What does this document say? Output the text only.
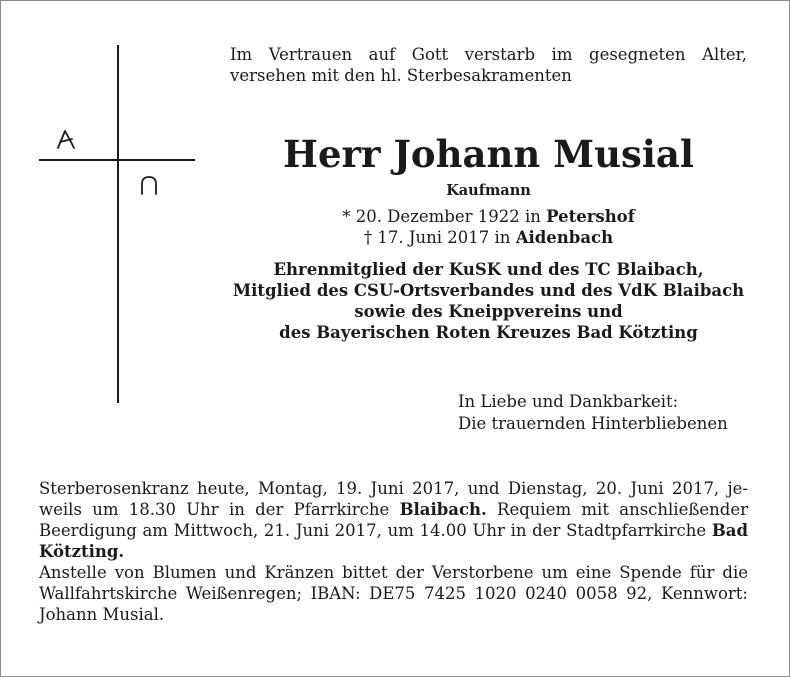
Im Vertrauen auf Gott verstarb im gesegneten Alter, versehen mit den hl. Sterbesakramenten
Herr Johann Musial
Kaufmann
* 20. Dezember 1922 in Petershof
† 17. Juni 2017 in Aidenbach
Ehrenmitglied der KuSK und des TC Blaibach,
Mitglied des CSU-Ortsverbandes und des VdK Blaibach
sowie des Kneippvereins und
des Bayerischen Roten Kreuzes Bad Kötzting
In Liebe und Dankbarkeit:
Die trauernden Hinterbliebenen
Sterberosenkranz heute, Montag, 19. Juni 2017, und Dienstag, 20. Juni 2017, jeweils um 18.30 Uhr in der Pfarrkirche Blaibach. Requiem mit anschließender Beerdigung am Mittwoch, 21. Juni 2017, um 14.00 Uhr in der Stadtpfarrkirche Bad Kötzting.
Anstelle von Blumen und Kränzen bittet der Verstorbene um eine Spende für die Wallfahrtskirche Weißenregen; IBAN: DE75 7425 1020 0240 0058 92, Kennwort: Johann Musial.
